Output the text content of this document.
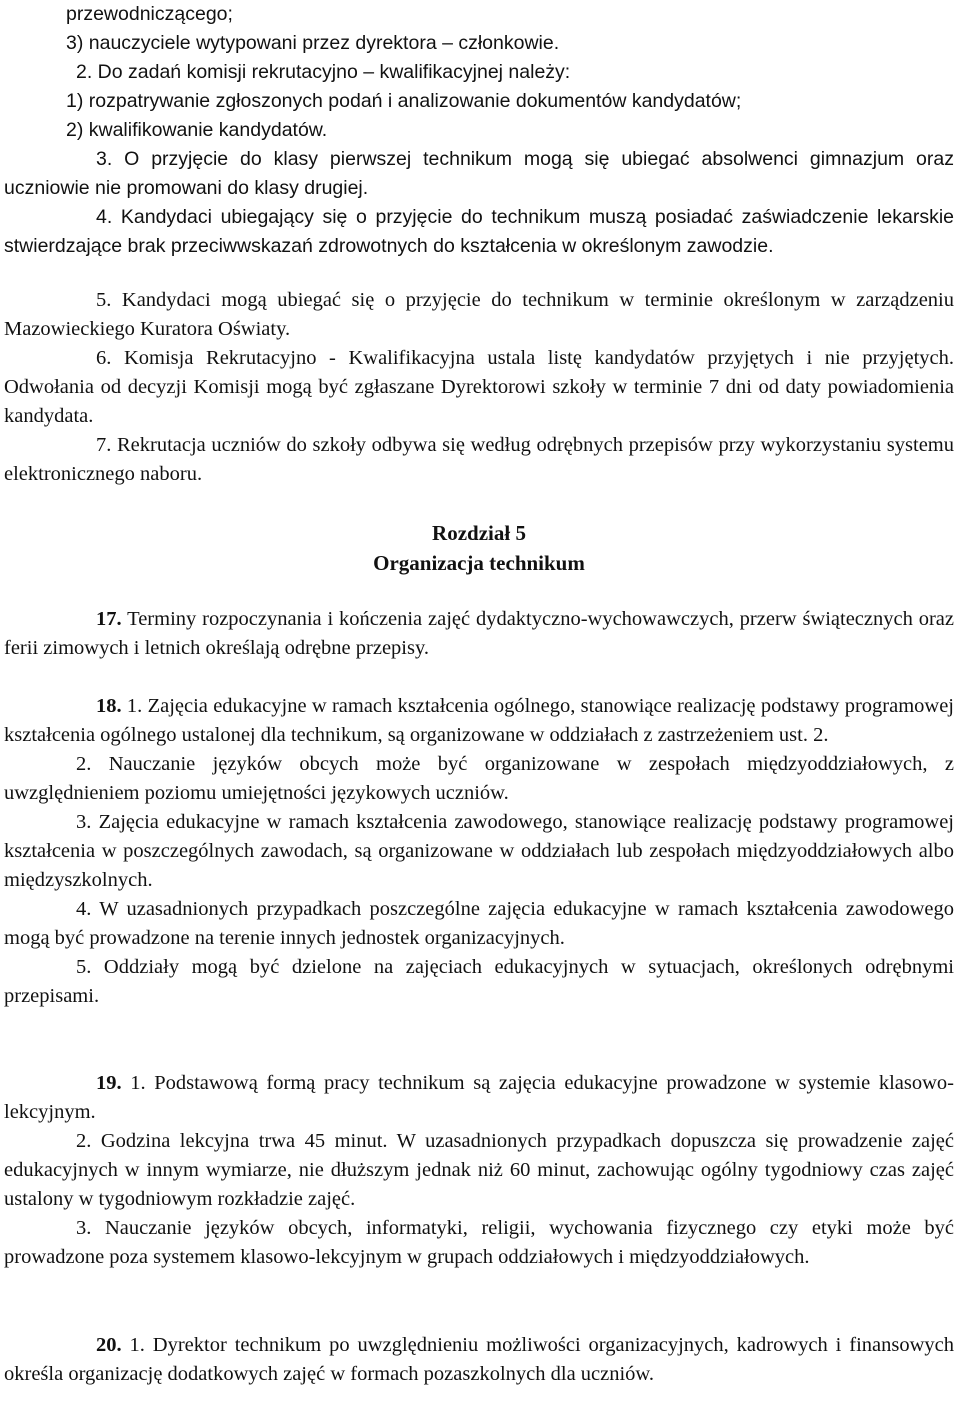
przewodniczącego;

3) nauczyciele wytypowani przez dyrektora – członkowie.

2. Do zadań komisji rekrutacyjno – kwalifikacyjnej należy:

1) rozpatrywanie zgłoszonych podań i analizowanie dokumentów kandydatów;

2) kwalifikowanie kandydatów.

3. O przyjęcie do klasy pierwszej technikum mogą się ubiegać absolwenci gimnazjum oraz uczniowie nie promowani do klasy drugiej.

4. Kandydaci ubiegający się o przyjęcie do technikum muszą posiadać zaświadczenie lekarskie stwierdzające brak przeciwwskazań zdrowotnych do kształcenia w określonym zawodzie.

5. Kandydaci mogą ubiegać się o przyjęcie do technikum w terminie określonym w zarządzeniu Mazowieckiego Kuratora Oświaty.

6. Komisja Rekrutacyjno - Kwalifikacyjna ustala listę kandydatów przyjętych i nie przyjętych. Odwołania od decyzji Komisji mogą być zgłaszane Dyrektorowi szkoły w terminie 7 dni od daty powiadomienia kandydata.

7. Rekrutacja uczniów do szkoły odbywa się według odrębnych przepisów przy wykorzystaniu systemu elektronicznego naboru.

Rozdział 5
Organizacja technikum

17. Terminy rozpoczynania i kończenia zajęć dydaktyczno-wychowawczych, przerw świątecznych oraz ferii zimowych i letnich określają odrębne przepisy.

18. 1. Zajęcia edukacyjne w ramach kształcenia ogólnego, stanowiące realizację podstawy programowej kształcenia ogólnego ustalonej dla technikum, są organizowane w oddziałach z zastrzeżeniem ust. 2.

2. Nauczanie języków obcych może być organizowane w zespołach międzyoddziałowych, z uwzględnieniem poziomu umiejętności językowych uczniów.

3. Zajęcia edukacyjne w ramach kształcenia zawodowego, stanowiące realizację podstawy programowej kształcenia w poszczególnych zawodach, są organizowane w oddziałach lub zespołach międzyoddziałowych albo międzyszkolnych.

4. W uzasadnionych przypadkach poszczególne zajęcia edukacyjne w ramach kształcenia zawodowego mogą być prowadzone na terenie innych jednostek organizacyjnych.

5. Oddziały mogą być dzielone na zajęciach edukacyjnych w sytuacjach, określonych odrębnymi przepisami.

19. 1. Podstawową formą pracy technikum są zajęcia edukacyjne prowadzone w systemie klasowo-lekcyjnym.

2. Godzina lekcyjna trwa 45 minut. W uzasadnionych przypadkach dopuszcza się prowadzenie zajęć edukacyjnych w innym wymiarze, nie dłuższym jednak niż 60 minut, zachowując ogólny tygodniowy czas zajęć ustalony w tygodniowym rozkładzie zajęć.

3. Nauczanie języków obcych, informatyki, religii, wychowania fizycznego czy etyki może być prowadzone poza systemem klasowo-lekcyjnym w grupach oddziałowych i międzyoddziałowych.

20. 1. Dyrektor technikum po uwzględnieniu możliwości organizacyjnych, kadrowych i finansowych określa organizację dodatkowych zajęć w formach pozaszkolnych dla uczniów.
